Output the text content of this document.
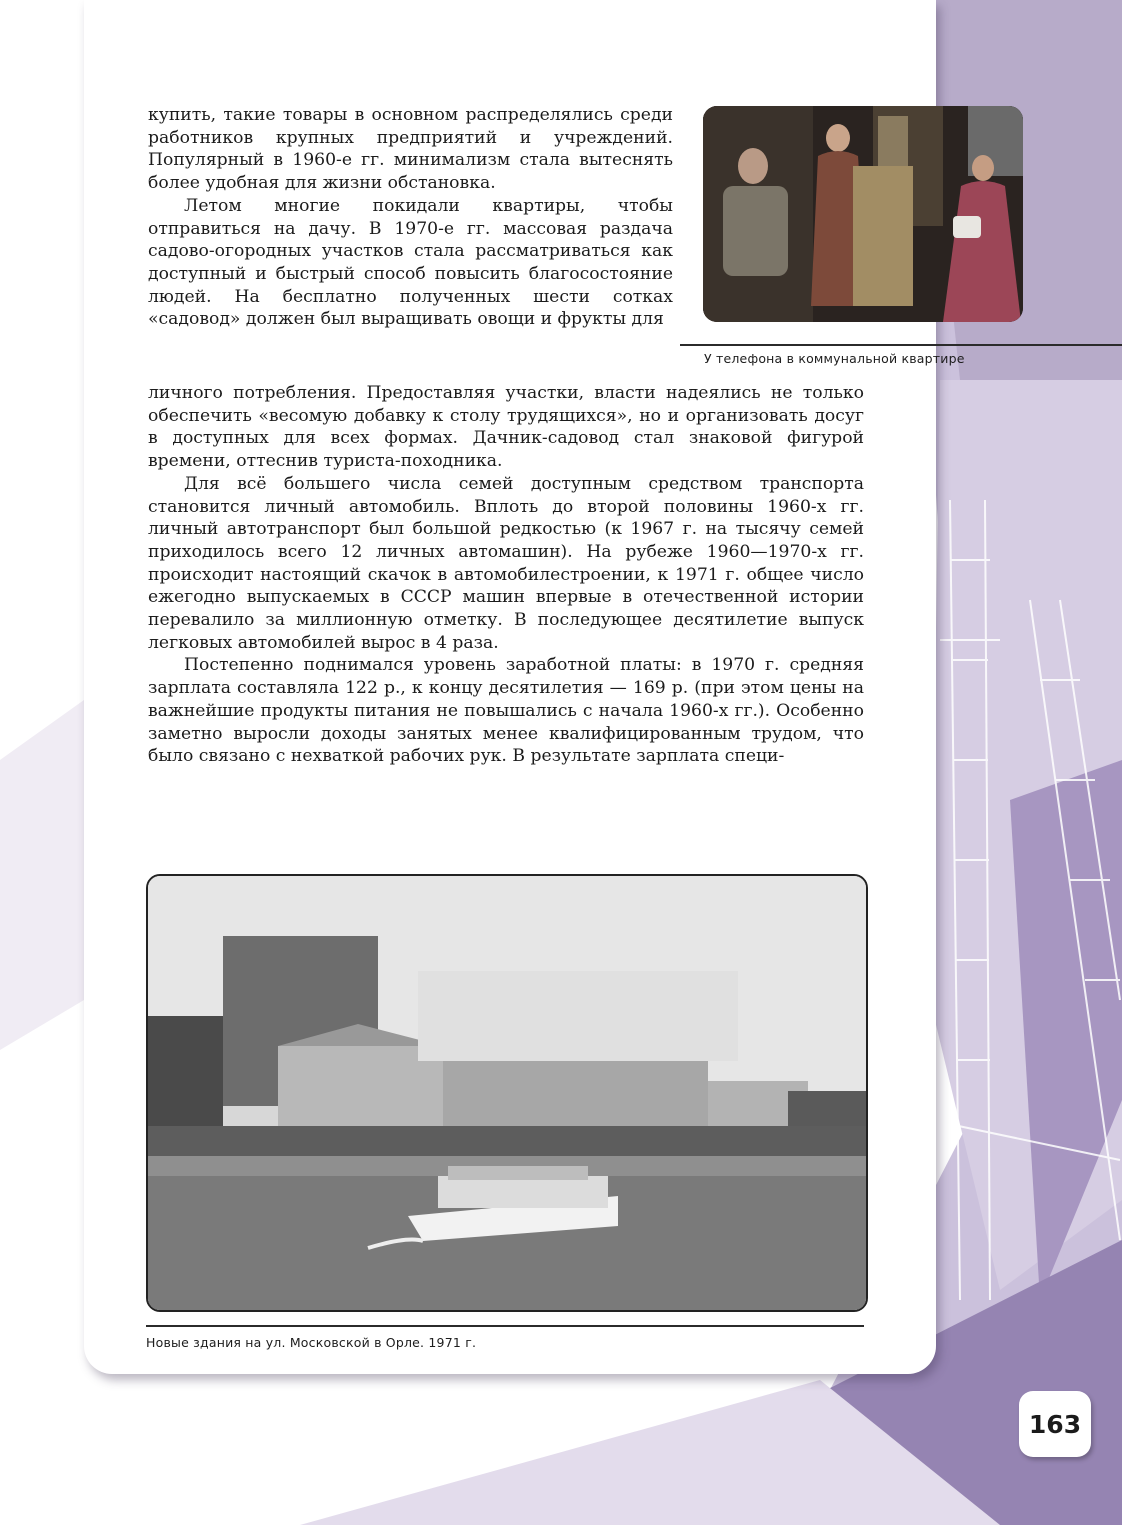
У телефона в коммунальной квартире

купить, такие товары в основном распределялись среди работников крупных предприятий и учреждений. Популярный в 1960-е гг. минимализм стала вытеснять более удобная для жизни обстановка.

Летом многие покидали квартиры, чтобы отправиться на дачу. В 1970-е гг. массовая раздача садово-огородных участков стала рассматриваться как доступный и быстрый способ повысить благосостояние людей. На бесплатно полученных шести сотках «садовод» должен был выращивать овощи и фрукты для

личного потребления. Предоставляя участки, власти надеялись не только обеспечить «весомую добавку к столу трудящихся», но и организовать досуг в доступных для всех формах. Дачник-садовод стал знаковой фигурой времени, оттеснив туриста-походника.

Для всё большего числа семей доступным средством транспорта становится личный автомобиль. Вплоть до второй половины 1960-х гг. личный автотранспорт был большой редкостью (к 1967 г. на тысячу семей приходилось всего 12 личных автомашин). На рубеже 1960—1970-х гг. происходит настоящий скачок в автомобилестроении, к 1971 г. общее число ежегодно выпускаемых в СССР машин впервые в отечественной истории перевалило за миллионную отметку. В последующее десятилетие выпуск легковых автомобилей вырос в 4 раза.

Постепенно поднимался уровень заработной платы: в 1970 г. средняя зарплата составляла 122 р., к концу десятилетия — 169 р. (при этом цены на важнейшие продукты питания не повышались с начала 1960-х гг.). Особенно заметно выросли доходы занятых менее квалифицированным трудом, что было связано с нехваткой рабочих рук. В результате зарплата специ-

Новые здания на ул. Московской в Орле. 1971 г.
163
